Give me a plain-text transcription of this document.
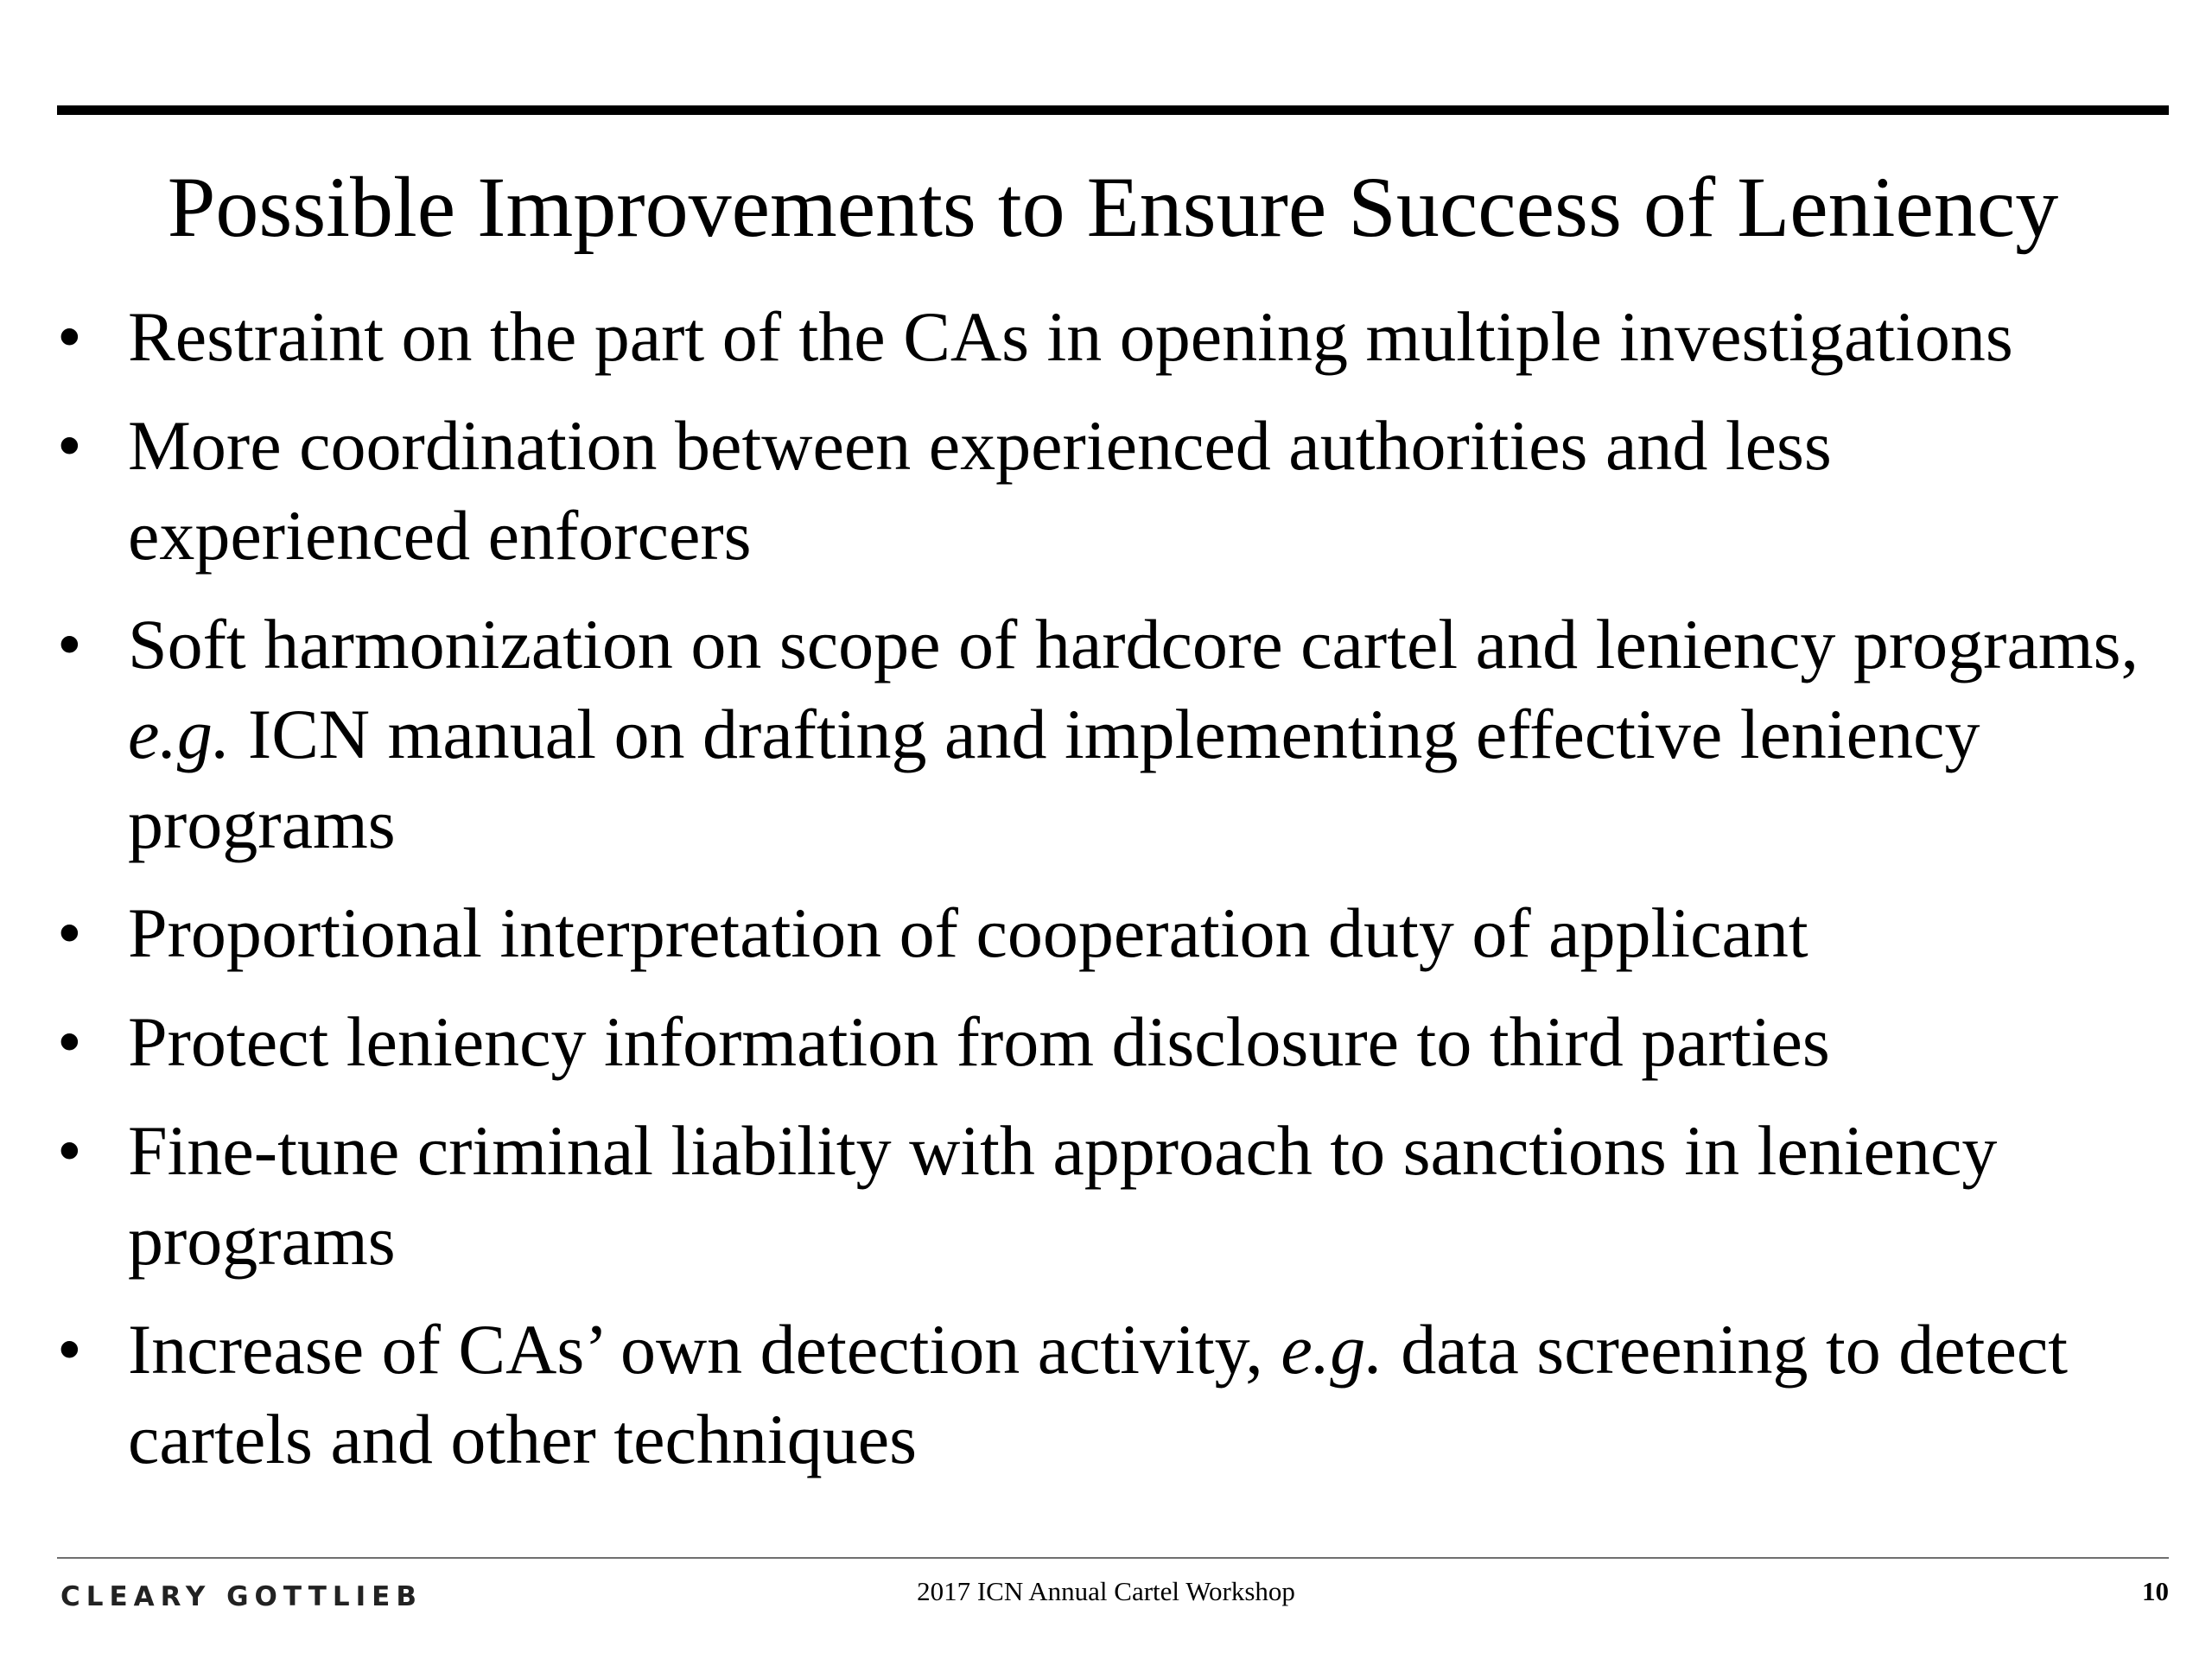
Possible Improvements to Ensure Success of Leniency
• Restraint on the part of the CAs in opening multiple investigations
• More coordination between experienced authorities and less experienced enforcers
• Soft harmonization on scope of hardcore cartel and leniency programs, e.g. ICN manual on drafting and implementing effective leniency programs
• Proportional interpretation of cooperation duty of applicant
• Protect leniency information from disclosure to third parties
• Fine-tune criminal liability with approach to sanctions in leniency programs
• Increase of CAs’ own detection activity, e.g. data screening to detect cartels and other techniques
CLEARY GOTTLIEB	2017 ICN Annual Cartel Workshop	10
